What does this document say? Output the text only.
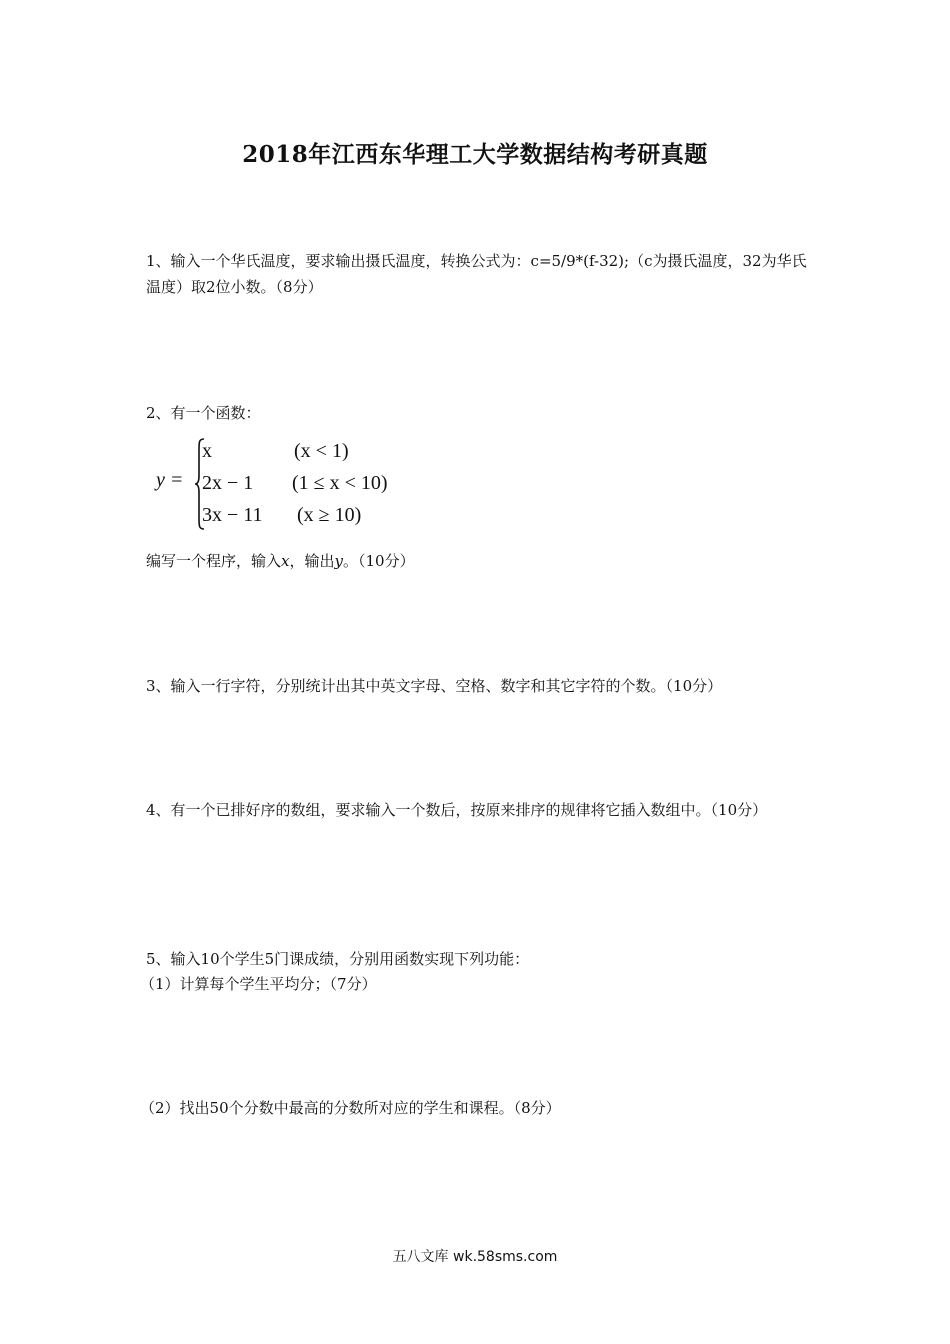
2018年江西东华理工大学数据结构考研真题
1、输入一个华氏温度，要求输出摄氏温度，转换公式为：c=5/9*(f-32);（c为摄氏温度，32为华氏温度）取2位小数。（8分）
2、有一个函数：
y =
x	(x < 1)
2x − 1 (1 ≤ x < 10)
3x − 11 (x ≥ 10)
编写一个程序，输入x，输出y。（10分）
3、输入一行字符，分别统计出其中英文字母、空格、数字和其它字符的个数。（10分）
4、有一个已排好序的数组，要求输入一个数后，按原来排序的规律将它插入数组中。（10分）
5、输入10个学生5门课成绩，分别用函数实现下列功能：
（1）计算每个学生平均分；（7分）
（2）找出50个分数中最高的分数所对应的学生和课程。（8分）
五八文库 wk.58sms.com
